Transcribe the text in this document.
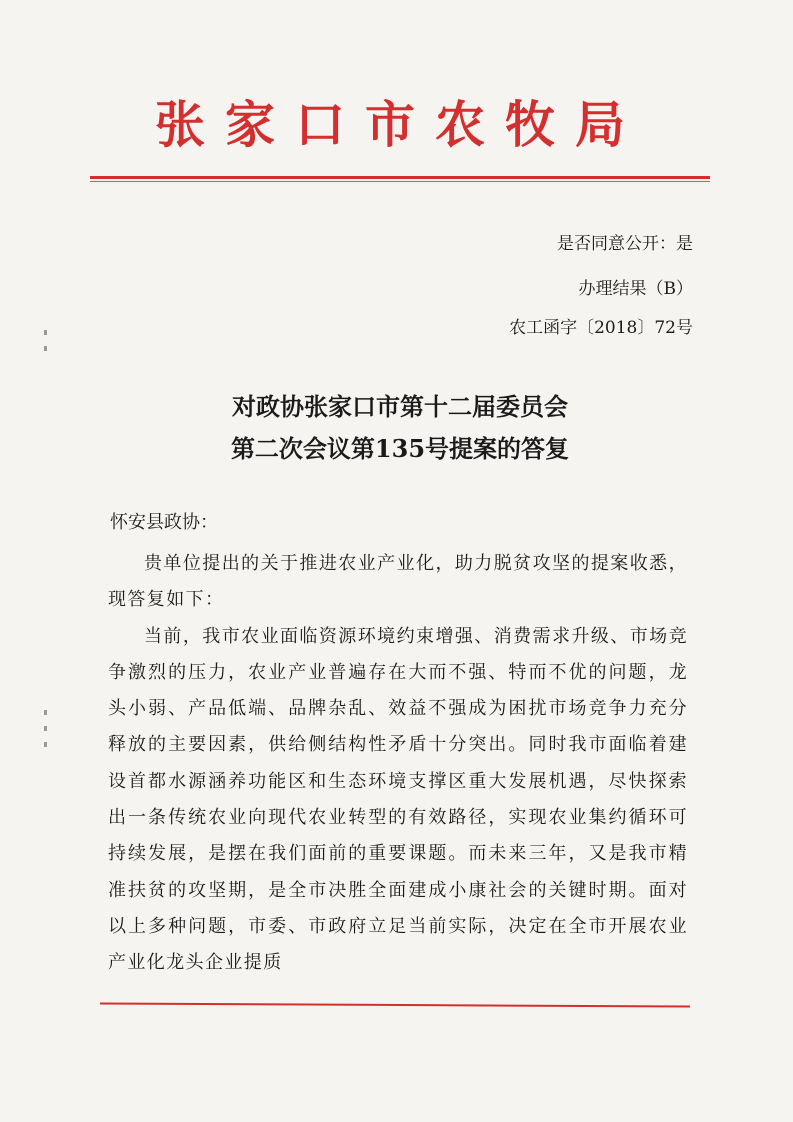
张家口市农牧局
是否同意公开：是
办理结果（B）
农工函字〔2018〕72号
对政协张家口市第十二届委员会
第二次会议第135号提案的答复
怀安县政协：

贵单位提出的关于推进农业产业化，助力脱贫攻坚的提案收悉，现答复如下：

当前，我市农业面临资源环境约束增强、消费需求升级、市场竞争激烈的压力，农业产业普遍存在大而不强、特而不优的问题，龙头小弱、产品低端、品牌杂乱、效益不强成为困扰市场竞争力充分释放的主要因素，供给侧结构性矛盾十分突出。同时我市面临着建设首都水源涵养功能区和生态环境支撑区重大发展机遇，尽快探索出一条传统农业向现代农业转型的有效路径，实现农业集约循环可持续发展，是摆在我们面前的重要课题。而未来三年，又是我市精准扶贫的攻坚期，是全市决胜全面建成小康社会的关键时期。面对以上多种问题，市委、市政府立足当前实际，决定在全市开展农业产业化龙头企业提质
